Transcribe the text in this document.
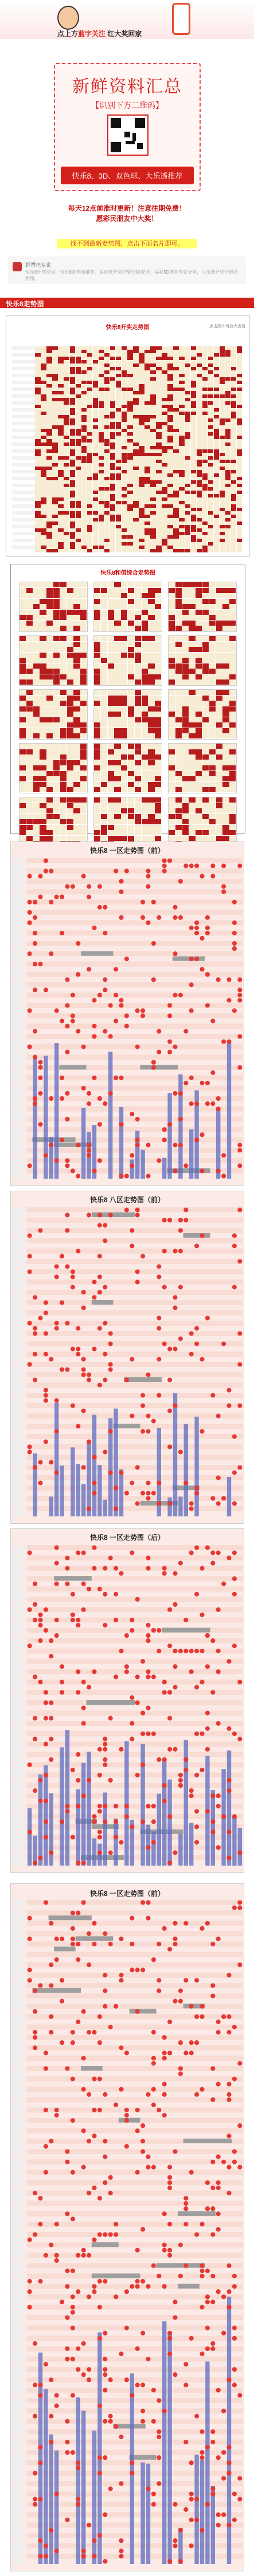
点上方蓝字关注 红大奖回家
新鲜资料汇总
【识别下方二维码】
快乐8、3D、双色球、大乐透推荐
每天12点前准时更新！注意往期免费！
愿彩民朋友中大奖！
找不到最新走势图，点击下面名片即可。
彩票吧专家
快乐8开奖结果、快乐8走势图推荐，双色球开奖结果号码查询，福彩3D推荐专家分享，大乐透开奖号码走势图。
快乐8走势图
快乐8开奖走势图	点击图片可放大查看
快乐8和值综合走势图
快乐8 一区走势图（前）
快乐8 八区走势图（前）
快乐8 一区走势图（后）
快乐8 一区走势图（前）
